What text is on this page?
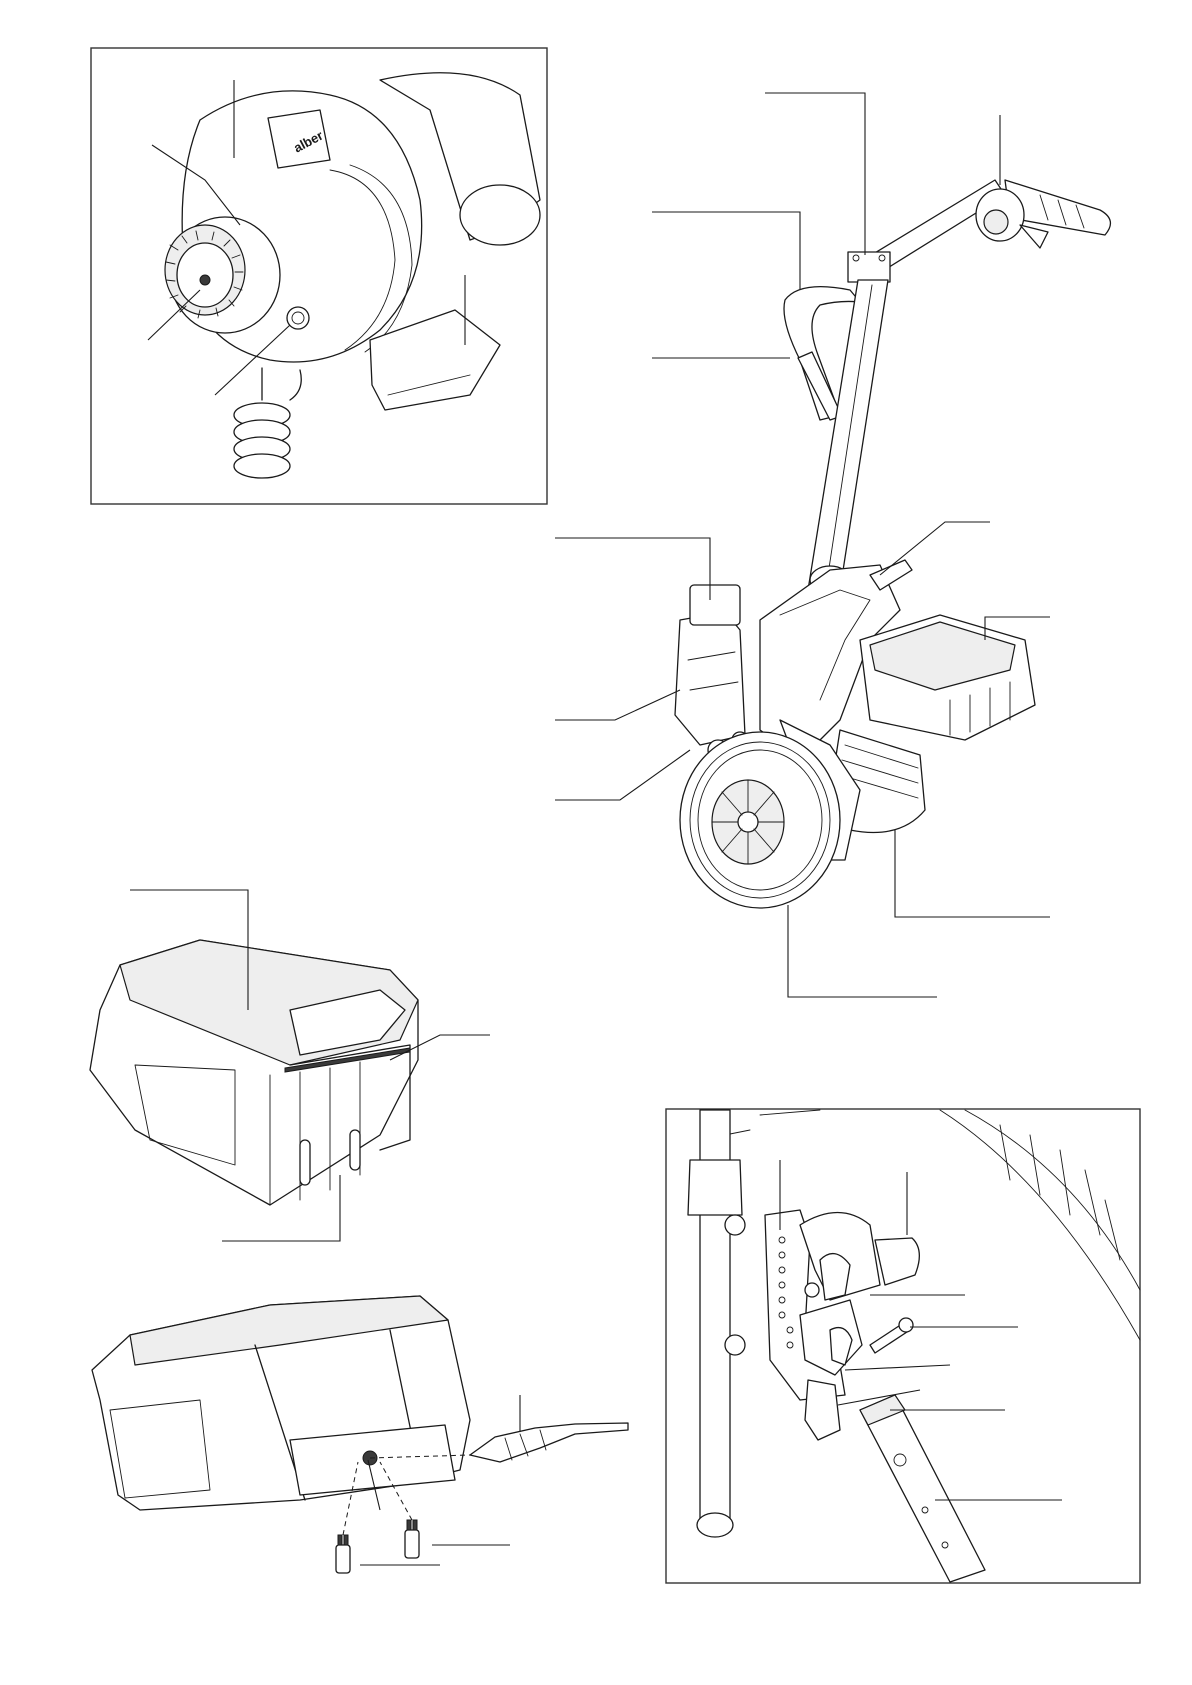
alber
